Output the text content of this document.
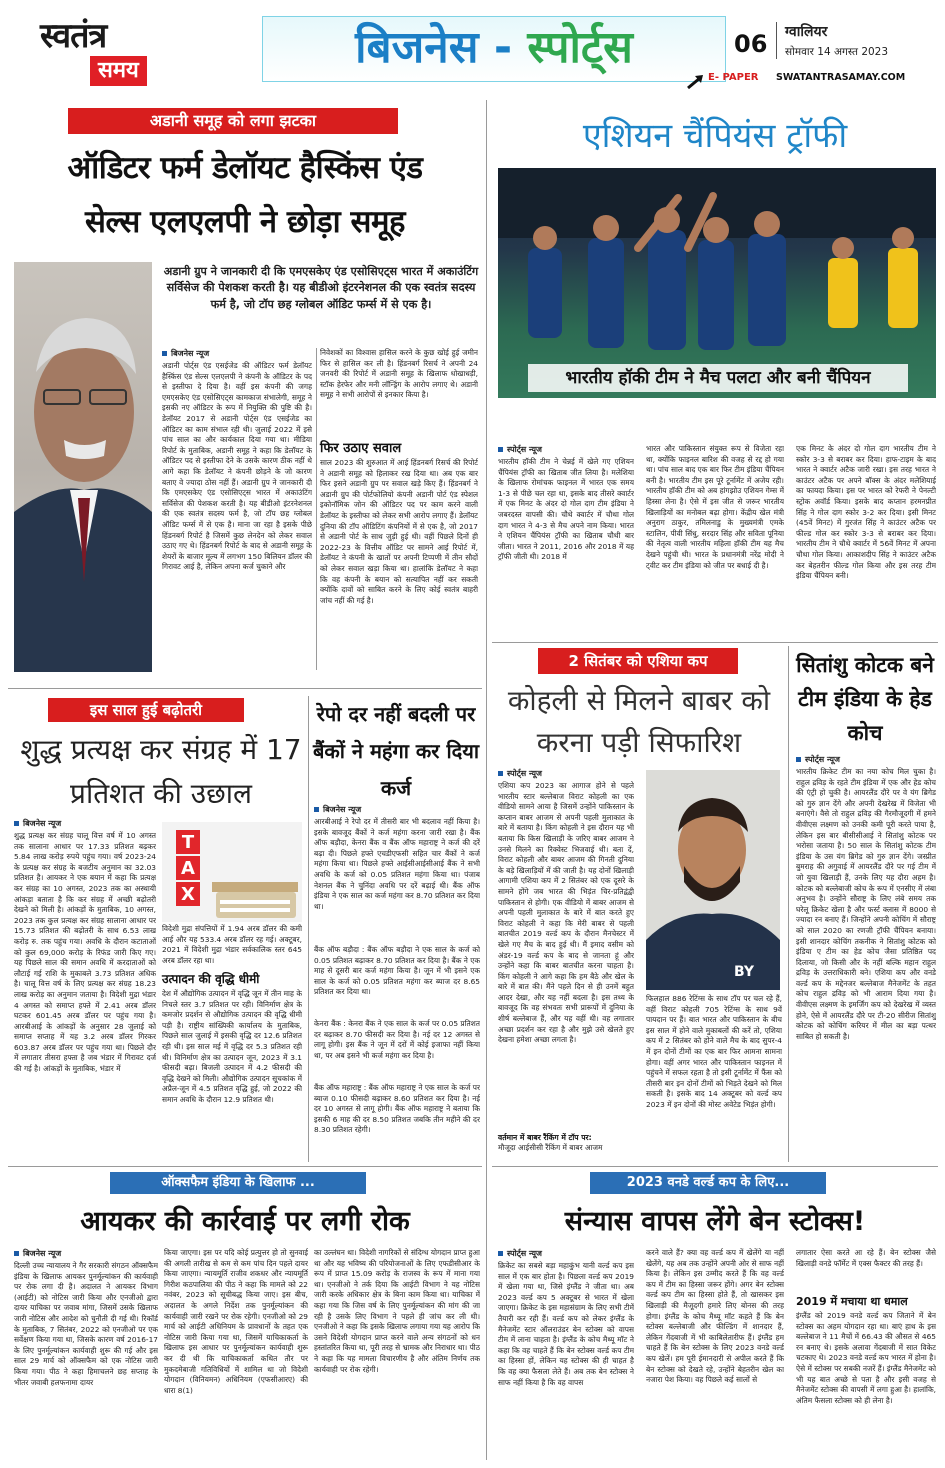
स्वतंत्र
समय	बिजनेस - स्पोर्ट्स	06 ग्वालियर
सोमवार 14 अगस्त 2023
E- PAPER SWATANTRASAMAY.COM
अडानी समूह को लगा झटका
ऑडिटर फर्म डेलॉयट हैस्किंस एंड
सेल्स एलएलपी ने छोड़ा समूह
अडानी ग्रुप ने जानकारी दी कि एमएसकेए एंड एसोसिएट्स भारत में अकाउंटिंग सर्विसेज की पेशकश करती है। यह बीडीओ इंटरनेशनल की एक स्वतंत्र सदस्य फर्म है, जो टॉप छह ग्लोबल ऑडिट फर्म्स में से एक है।
बिजनेस न्यूज
अडानी पोर्ट्स एंड एसईजेड की ऑडिटर फर्म डेलॉयट हैस्किंस एंड सेल्स एलएलपी ने कंपनी के ऑडिटर के पद से इस्तीफा दे दिया है। वहीं इस कंपनी की जगह एमएसकेए एंड एसोसिएट्स कामकाज संभालेगी, समूह ने इसकी नए ऑडिटर के रूप में नियुक्ति की पुष्टि की है। डेलॉयट 2017 से अडानी पोर्ट्स एंड एसईजेड का ऑडिटर का काम संभाल रही थी। जुलाई 2022 में इसे पांच साल का और कार्यकाल दिया गया था। मीडिया रिपोर्ट के मुताबिक, अडानी समूह ने कहा कि डेलॉयट के ऑडिटर पद से इस्तीफा देने के उसके कारण ठीक नहीं थे आगे कहा कि डेलॉयट ने कंपनी छोड़ने के जो कारण बताए वे ज्यादा ठोस नहीं हैं। अडानी ग्रुप ने जानकारी दी कि एमएसकेए एंड एसोसिएट्स भारत में अकाउंटिंग सर्विसेज की पेशकश करती है। यह बीडीओ इंटरनेशनल की एक स्वतंत्र सदस्य फर्म है, जो टॉप छह ग्लोबल ऑडिट फर्म्स में से एक है। माना जा रहा है इसके पीछे हिंडनबर्ग रिपोर्ट है जिसमें कुछ लेनदेन को लेकर सवाल उठाए गए थे। हिंडनबर्ग रिपोर्ट के बाद से अडानी समूह के शेयरों के बाजार मूल्य में लगभग 150 बिलियन डॉलर की गिरावट आई है, लेकिन अपना कर्ज चुकाने और
निवेशकों का विश्वास हासिल करने के कुछ खोई हुई जमीन फिर से हासिल कर ली है। हिंडनबर्ग रिसर्च ने अपनी 24 जनवरी की रिपोर्ट में अडानी समूह के खिलाफ धोखाधड़ी, स्टॉक हेरफेर और मनी लॉन्ड्रिंग के आरोप लगाए थे। अडानी समूह ने सभी आरोपों से इनकार किया है।
फिर उठाए सवाल
साल 2023 की शुरुआत में आई हिंडनबर्ग रिसर्च की रिपोर्ट ने अडानी समूह को हिलाकर रख दिया था। अब एक बार फिर इसने अडानी ग्रुप पर सवाल खड़े किए हैं। हिंडनबर्ग ने अडानी ग्रुप की पोर्टफोलियो कंपनी अडानी पोर्ट एंड स्पेशल इकोनॉमिक जोन की ऑडिटर पद पर काम करने वाली डेलॉयट के इस्तीफा को लेकर सभी आरोप लगाए हैं। डेलॉयट दुनिया की टॉप ऑडिटिंग कंपनियों में से एक है, जो 2017 से अडानी पोर्ट के साथ जुड़ी हुई थी। वहीं पिछले दिनों ही 2022-23 के वित्तीय ऑडिट पर सामने आई रिपोर्ट में, डेलॉयट ने कंपनी के खातों पर अपनी टिप्पणी में तीन सौदों को लेकर सवाल खड़ा किया था। हालांकि डेलॉयट ने कहा कि वह कंपनी के बयान को सत्यापित नहीं कर सकती क्योंकि दावों को साबित करने के लिए कोई स्वतंत्र बाहरी जांच नहीं की गई है।
इस साल हुई बढ़ोतरी
शुद्ध प्रत्यक्ष कर संग्रह में 17 प्रतिशत की उछाल
बिजनेस न्यूज
शुद्ध प्रत्यक्ष कर संग्रह चालू वित्त वर्ष में 10 अगस्त तक सालाना आधार पर 17.33 प्रतिशत बढ़कर 5.84 लाख करोड़ रुपये पहुंच गया। वर्ष 2023-24 के प्रत्यक्ष कर संग्रह के बजटीय अनुमान का 32.03 प्रतिशत है। आयकर ने एक बयान में कहा कि प्रत्यक्ष कर संग्रह का 10 अगस्त, 2023 तक का अस्थायी आंकड़ा बताता है कि कर संग्रह में अच्छी बढ़ोतरी देखने को मिली है। आंकड़ों के मुताबिक, 10 अगस्त, 2023 तक कुल प्रत्यक्ष कर संग्रह सालाना आधार पर 15.73 प्रतिशत की बढ़ोतरी के साथ 6.53 लाख करोड़ रु. तक पहुंच गया। अवधि के दौरान कटाताओं को कुल 69,000 करोड़ के रिफंड जारी किए गए। यह पिछले साल की समान अवधि में करदाताओं को लौटाई गई राशि के मुकाबले 3.73 प्रतिशत अधिक है। चालू वित्त वर्ष के लिए प्रत्यक्ष कर संग्रह 18.23 लाख करोड़ का अनुमान जताया है। विदेशी मुद्रा भंडार 4 अगस्त को समाप्त हफ्ते में 2.41 अरब डॉलर घटकर 601.45 अरब डॉलर पर पहुंच गया है। आरबीआई के आंकड़ों के अनुसार 28 जुलाई को समाप्त सप्ताह में यह 3.2 अरब डॉलर गिरकर 603.87 अरब डॉलर पर पहुंच गया था। पिछले दौर में लगातार तीसरा हफ्ता है जब भंडार में गिरावट दर्ज की गई है। आंकड़ों के मुताबिक, भंडार में
TAX
विदेशी मुद्रा संपत्तियों में 1.94 अरब डॉलर की कमी आई और यह 533.4 अरब डॉलर रह गई। अक्टूबर, 2021 में विदेशी मुद्रा भंडार सर्वकालिक स्तर 645 अरब डॉलर रहा था।
उत्पादन की वृद्धि धीमी
देश में औद्योगिक उत्पादन में वृद्धि जून में तीन माह के निचले स्तर 3.7 प्रतिशत पर रही। विनिर्माण क्षेत्र के कमजोर प्रदर्शन से औद्योगिक उत्पादन की वृद्धि धीमी पड़ी है। राष्ट्रीय सांख्यिकी कार्यालय के मुताबिक, पिछले साल जुलाई में इसकी वृद्धि दर 12.6 प्रतिशत रही थी। इस साल मई में वृद्धि दर 5.3 प्रतिशत रही थी। विनिर्माण क्षेत्र का उत्पादन जून, 2023 में 3.1 फीसदी बढ़ा। बिजली उत्पादन में 4.2 फीसदी की वृद्धि देखने को मिली। औद्योगिक उत्पादन सूचकांक में अप्रैल-जून में 4.5 प्रतिशत वृद्धि हुई, जो 2022 की समान अवधि के दौरान 12.9 प्रतिशत थी।
रेपो दर नहीं बदली पर बैंकों ने महंगा कर दिया कर्ज
बिजनेस न्यूज
आरबीआई ने रेपो दर में तीसरी बार भी बदलाव नहीं किया है। इसके बावजूद बैंकों ने कर्ज महंगा करना जारी रखा है। बैंक ऑफ बड़ौदा, केनरा बैंक व बैंक ऑफ महाराष्ट्र ने कर्ज की दरें बढ़ा दी। पिछले हफ्ते एचडीएफसी सहित चार बैंकों ने कर्ज महंगा किया था। पिछले हफ्ते आईसीआईसीआई बैंक ने सभी अवधि के कर्ज को 0.05 प्रतिशत महंगा किया था। पंजाब नेशनल बैंक ने चुनिंदा अवधि पर दरें बढ़ाई थी। बैंक ऑफ इंडिया ने एक साल का कर्ज महंगा कर 8.70 प्रतिशत कर दिया था।
बैंक ऑफ बड़ौदा : बैंक ऑफ बड़ौदा ने एक साल के कर्ज को 0.05 प्रतिशत बढ़ाकर 8.70 प्रतिशत कर दिया है। बैंक ने एक माह से दूसरी बार कर्ज महंगा किया है। जून में भी इसने एक साल के कर्ज को 0.05 प्रतिशत महंगा कर ब्याज दर 8.65 प्रतिशत कर दिया था।
केनरा बैंक : केनरा बैंक ने एक साल के कर्ज पर 0.05 प्रतिशत दर बढ़ाकर 8.70 फीसदी कर दिया है। नई दर 12 अगस्त से लागू होगी। इस बैंक ने जून में दरों में कोई इजाफा नहीं किया था, पर अब इसने भी कर्ज महंगा कर दिया है।
बैंक ऑफ महाराष्ट्र : बैंक ऑफ महाराष्ट्र ने एक साल के कर्ज पर ब्याज 0.10 फीसदी बढ़ाकर 8.60 प्रतिशत कर दिया है। नई दर 10 अगस्त से लागू होगी। बैंक ऑफ महाराष्ट्र ने बताया कि इसकी 6 माह की दर 8.50 प्रतिशत जबकि तीन महीने की दर 8.30 प्रतिशत रहेगी।
ऑक्सफैम इंडिया के खिलाफ ...
आयकर की कार्रवाई पर लगी रोक
बिजनेस न्यूज
दिल्ली उच्च न्यायालय ने गैर सरकारी संगठन ऑक्सफैम इंडिया के खिलाफ आयकर पुनर्मूल्यांकन की कार्यवाही पर रोक लगा दी है। अदालत ने आयकर विभाग (आईटी) को नोटिस जारी किया और एनजीओ द्वारा दायर याचिका पर जवाब मांगा, जिसमें उसके खिलाफ जारी नोटिस और आदेश को चुनौती दी गई थी। रिकॉर्ड के मुताबिक, 7 सितंबर, 2022 को एनजीओ पर एक सर्वेक्षण किया गया था, जिसके कारण वर्ष 2016-17 के लिए पुनर्मूल्यांकन कार्यवाही शुरू की गई और इस साल 29 मार्च को ऑक्सफैम को एक नोटिस जारी किया गया। पीठ ने कहा हिमाचलने छह सप्ताह के भीतर जवाबी हलफनामा दायर
किया जाएगा। इस पर यदि कोई प्रत्युत्तर हो तो सुनवाई की अगली तारीख से कम से कम पांच दिन पहले दायर किया जाएगा। न्यायमूर्ति राजीव शकधर और न्यायमूर्ति गिरीश कठपालिया की पीठ ने कहा कि मामले को 22 नवंबर, 2023 को सूचीबद्ध किया जाए। इस बीच, अदालत के अगले निर्देश तक पुनर्मूल्यांकन की कार्यवाही जारी रखने पर रोक रहेगी। एनजीओ को 29 मार्च को आईटी अधिनियम के प्रावधानों के तहत एक नोटिस जारी किया गया था, जिसमें याचिकाकर्ता के खिलाफ इस आधार पर पुनर्मूल्यांकन कार्यवाही शुरू कर दी थी कि याचिकाकर्ता कथित तौर पर मुकदमेबाजी गतिविधियों में शामिल था जो विदेशी योगदान (विनियमन) अधिनियम (एफसीआरए) की धारा 8(1)
का उल्लंघन था। विदेशी नागरिकों से संदिग्ध योगदान प्राप्त हुआ था और यह भविष्य की परियोजनाओं के लिए एफडीसीआर के रूप में प्राप्त 15.09 करोड़ के राजस्व के रूप में माना गया था। एनजीओ ने तर्क दिया कि आईटी विभाग ने यह नोटिस जारी करके अधिकार क्षेत्र के बिना काम किया था। याचिका में कहा गया कि जिस वर्ष के लिए पुनर्मूल्यांकन की मांग की जा रही है उसके लिए विभाग ने पहले ही जांच कर ली थी। एनजीओ ने कहा कि इसके खिलाफ लगाया गया यह आरोप कि उसने विदेशी योगदान प्राप्त करने वाले अन्य संगठनों को धन हस्तांतरित किया था, पूरी तरह से भ्रामक और निराधार था। पीठ ने कहा कि यह मामला विचारणीय है और अंतिम निर्णय तक कार्यवाही पर रोक रहेगी।
एशियन चैंपियंस ट्रॉफी
भारतीय हॉकी टीम ने मैच पलटा और बनी चैंपियन
स्पोर्ट्स न्यूज
भारतीय हॉकी टीम ने चेन्नई में खेले गए एशियन चैंपियंस ट्रॉफी का खिताब जीत लिया है। मलेशिया के खिलाफ रोमांचक फाइनल में भारत एक समय 1-3 से पीछे चल रहा था, इसके बाद तीसरे क्वार्टर में एक मिनट के अंदर दो गोल दाग टीम इंडिया ने जबरदस्त वापसी की। चौथे क्वार्टर में चौथा गोल दाग भारत ने 4-3 से मैच अपने नाम किया। भारत ने एशियन चैंपियंस ट्रॉफी का खिताब चौथी बार जीता। भारत ने 2011, 2016 और 2018 में यह ट्रॉफी जीती थी। 2018 में
भारत और पाकिस्तान संयुक्त रूप से विजेता रहा था, क्योंकि फाइनल बारिश की वजह से रद्द हो गया था। पांच साल बाद एक बार फिर टीम इंडिया चैंपियन बनी है। भारतीय टीम इस पूरे टूर्नामेंट में अजेय रही। भारतीय हॉकी टीम को अब हांगझोउ एशियन गेम्स में हिस्सा लेना है। ऐसे में इस जीत से जरूर भारतीय खिलाड़ियों का मनोबल बढ़ा होगा। केंद्रीय खेल मंत्री अनुराग ठाकुर, तमिलनाडु के मुख्यमंत्री एमके स्टालिन, पीवी सिंधु, सरदार सिंह और सविता पूनिया की नेतृत्व वाली भारतीय महिला हॉकी टीम यह मैच देखने पहुंची थी। भारत के प्रधानमंत्री नरेंद्र मोदी ने ट्वीट कर टीम इंडिया को जीत पर बधाई दी है।
एक मिनट के अंदर दो गोल दाग भारतीय टीम ने स्कोर 3-3 से बराबर कर दिया। हाफ-टाइम के बाद भारत ने क्वार्टर अटैक जारी रखा। इस तरह भारत ने काउंटर अटैक पर अपने बॉक्स के अंदर मलेशियाई का फायदा किया। इस पर भारत को रेफरी ने पेनल्टी स्ट्रोक अवॉर्ड किया। इसके बाद कप्तान हरमनप्रीत सिंह ने गोल दाग स्कोर 3-2 कर दिया। इसी मिनट (45वें मिनट) में गुरजंत सिंह ने काउंटर अटैक पर फील्ड गोल कर स्कोर 3-3 से बराबर कर दिया। भारतीय टीम ने चौथे क्वार्टर में 56वें मिनट में अपना चौथा गोल किया। आकाशदीप सिंह ने काउंटर अटैक कर बेहतरीन फील्ड गोल किया और इस तरह टीम इंडिया चैंपियन बनी।
2 सितंबर को एशिया कप
कोहली से मिलने बाबर को करना पड़ी सिफारिश
स्पोर्ट्स न्यूज
एशिया कप 2023 का आगाज होने से पहले भारतीय स्टार बल्लेबाज विराट कोहली का एक वीडियो सामने आया है जिसमें उन्होंने पाकिस्तान के कप्तान बाबर आजम से अपनी पहली मुलाकात के बारे में बताया है। किंग कोहली ने इस दौरान यह भी बताया कि किस खिलाड़ी के जरिए बाबर आजम ने उनसे मिलने का रिक्वेस्ट भिजवाई थी। बता दें, विराट कोहली और बाबर आजम की गिनती दुनिया के बड़े खिलाड़ियों में की जाती है। यह दोनों खिलाड़ी आगामी एशिया कप में 2 सितंबर को एक दूसरे के सामने होंगे जब भारत की भिड़ंत चिर-प्रतिद्वंद्वी पाकिस्तान से होगी। एक वीडियो में बाबर आजम से अपनी पहली मुलाकात के बारे में बात करते हुए विराट कोहली ने कहा कि मेरी बाबर से पहली बातचीत 2019 वर्ल्ड कप के दौरान मैनचेस्टर में खेले गए मैच के बाद हुई थी। मैं इमाद वसीम को अंडर-19 वर्ल्ड कप के बाद से जानता हूं और उन्होंने कहा कि बाबर बातचीत करना चाहता है। किंग कोहली ने आगे कहा कि हम बैठे और खेल के बारे में बात की। मैंने पहले दिन से ही उनमें बहुत आदर देखा, और यह नहीं बदला है। इस तथ्य के बावजूद कि वह संभवतः सभी प्रारूपों में दुनिया के शीर्ष बल्लेबाज हैं, और यह वहीं थी। वह लगातार अच्छा प्रदर्शन कर रहा है और मुझे उसे खेलते हुए देखना हमेशा अच्छा लगता है।
वर्तमान में बाबर रैंकिंग में टॉप पर:
मौजूदा आईसीसी रैंकिंग में बाबर आजम
BY
फिलहाल 886 रेटिंग्स के साथ टॉप पर चल रहे हैं, वहीं विराट कोहली 705 रेटिंग्स के साथ 9वें पायदान पर हैं। बात भारत और पाकिस्तान के बीच इस साल में होने वाले मुकाबलों की करें तो, एशिया कप में 2 सितंबर को होने वाले मैच के बाद सुपर-4 में इन दोनों टीमों का एक बार फिर आमना सामना होगा। वहीं अगर भारत और पाकिस्तान फाइनल में पहुंचने में सफल रहता है तो इसी टूर्नामेंट में फैंस को तीसरी बार इन दोनों टीमों को भिड़ते देखने को मिल सकती है। इसके बाद 14 अक्टूबर को वर्ल्ड कप 2023 में इन दोनों की मोस्ट अवेटेड भिड़ंत होगी।
सितांशु कोटक बने टीम इंडिया के हेड कोच
स्पोर्ट्स न्यूज
भारतीय क्रिकेट टीम का नया कोच मिल चुका है। राहुल द्रविड़ के रहते टीम इंडिया में एक और हेड कोच की एंट्री हो चुकी है। आयरलैंड दौरे पर वे यंग ब्रिगेड को गुरु ज्ञान देंगे और अपनी देखरेख में विजेता भी बनाएंगे। वैसे तो राहुल द्रविड़ की गैरमौजूदगी में हमने वीवीएस लक्ष्मण को उनकी कमी पूरी करते पाया है, लेकिन इस बार बीसीसीआई ने सितांशु कोटक पर भरोसा जताया है। 50 साल के सितांशु कोटक टीम इंडिया के उस यंग ब्रिगेड को गुरु ज्ञान देंगे। जस्प्रीत बुमराह की अगुवाई में आयरलैंड दौरे पर गई टीम में जो युवा खिलाड़ी हैं, उनके लिए यह दौरा अहम है। कोटक को बल्लेबाजी कोच के रूप में एनसीए में लंबा अनुभव है। उन्होंने सौराष्ट्र के लिए लंबे समय तक घरेलू क्रिकेट खेला है और फर्स्ट क्लास में 8000 से ज्यादा रन बनाए हैं। जिन्होंने अपनी कोचिंग में सौराष्ट्र को साल 2020 का रणजी ट्रॉफी चैंपियन बनाया। इसी शानदार कोचिंग तकनीक ने सितांशु कोटक को इंडिया ए टीम का हेड कोच जैसा प्रतिष्ठित पद दिलाया, जो किसी और के नहीं बल्कि महान राहुल द्रविड़ के उत्तराधिकारी बने। एशिया कप और वनडे वर्ल्ड कप के मद्देनजर बल्लेबाज मैनेजमेंट के तहत कोच राहुल द्रविड़ को भी आराम दिया गया है। वीवीएस लक्ष्मण के इमर्जिंग कप को देखरेख में व्यस्त होने, ऐसे में आयरलैंड दौरे पर टी-20 सीरीज सितांशु कोटक को कोचिंग करियर में मील का बड़ा पत्थर साबित हो सकती है।
2023 वनडे वर्ल्ड कप के लिए...
संन्यास वापस लेंगे बेन स्टोक्स!
स्पोर्ट्स न्यूज
क्रिकेट का सबसे बड़ा महाकुंभ यानी वर्ल्ड कप इस साल में एक बार होता है। पिछला वर्ल्ड कप 2019 में खेला गया था, जिसे इंग्लैंड ने जीता था। अब 2023 वर्ल्ड कप 5 अक्टूबर से भारत में खेला जाएगा। क्रिकेट के इस महासंग्राम के लिए सभी टीमें तैयारी कर रही हैं। वर्ल्ड कप को लेकर इंग्लैंड के मैनेजमेंट स्टार ऑलराउंडर बेन स्टोक्स को वापस टीम में लाना चाहता है। इंग्लैंड के कोच मैथ्यू मॉट ने कहा कि वह चाहते हैं कि बेन स्टोक्स वर्ल्ड कप टीम का हिस्सा हों, लेकिन यह स्टोक्स की ही चाहत है कि वह क्या फैसला लेते हैं। अब तक बेन स्टोक्स ने साफ नहीं किया है कि वह वापस
करने वाले हैं? क्या वह वर्ल्ड कप में खेलेंगे या नहीं खेलेंगे, यह अब तक उन्होंने अपनी ओर से साफ नहीं किया है। लेकिन इस उम्मीद करते हैं कि वह वर्ल्ड कप में टीम का हिस्सा जरूर होंगे। अगर बेन स्टोक्स वर्ल्ड कप टीम का हिस्सा होते हैं, तो खासकर इस खिलाड़ी की मैजूदगी हमारे लिए बोनस की तरह होगा। इंग्लैंड के कोच मैथ्यू मॉट कहते हैं कि बेन स्टोक्स बल्लेबाजी और फील्डिंग में शानदार हैं, लेकिन गेंदबाजी में भी काबिलेतारीफ हैं। इंग्लैंड हम चाहते हैं कि बेन स्टोक्स के लिए 2023 वनडे वर्ल्ड कप खेलें। हम पूरी ईमानदारी से अपील करते हैं कि बेन स्टोक्स को देखते रहे, उन्होंने बेहतरीन खेल का नजारा पेश किया। वह पिछले कई सालों से
लगातार ऐसा करते आ रहे हैं। बेन स्टोक्स जैसे खिलाड़ी वनडे फॉर्मेट में एक्स फैक्टर की तरह हैं।
2019 में मचाया था धमाल
इंग्लैंड को 2019 वनडे वर्ल्ड कप जिताने में बेन स्टोक्स का अहम योगदान रहा था। बाएं हाथ के इस बल्लेबाज ने 11 मैचों में 66.43 की औसत से 465 रन बनाए थे। इसके अलावा गेंदबाजी में सात विकेट चटकाए थे। 2023 वनडे वर्ल्ड कप भारत में होना है। ऐसे में स्टोक्स पर सबकी नजरें हैं। इंग्लैंड मैनेजमेंट को भी यह बात अच्छे से पता है और इसी वजह से मैनेजमेंट स्टोक्स की वापसी में लगा हुआ है। हालांकि, अंतिम फैसला स्टोक्स को ही लेना है।
